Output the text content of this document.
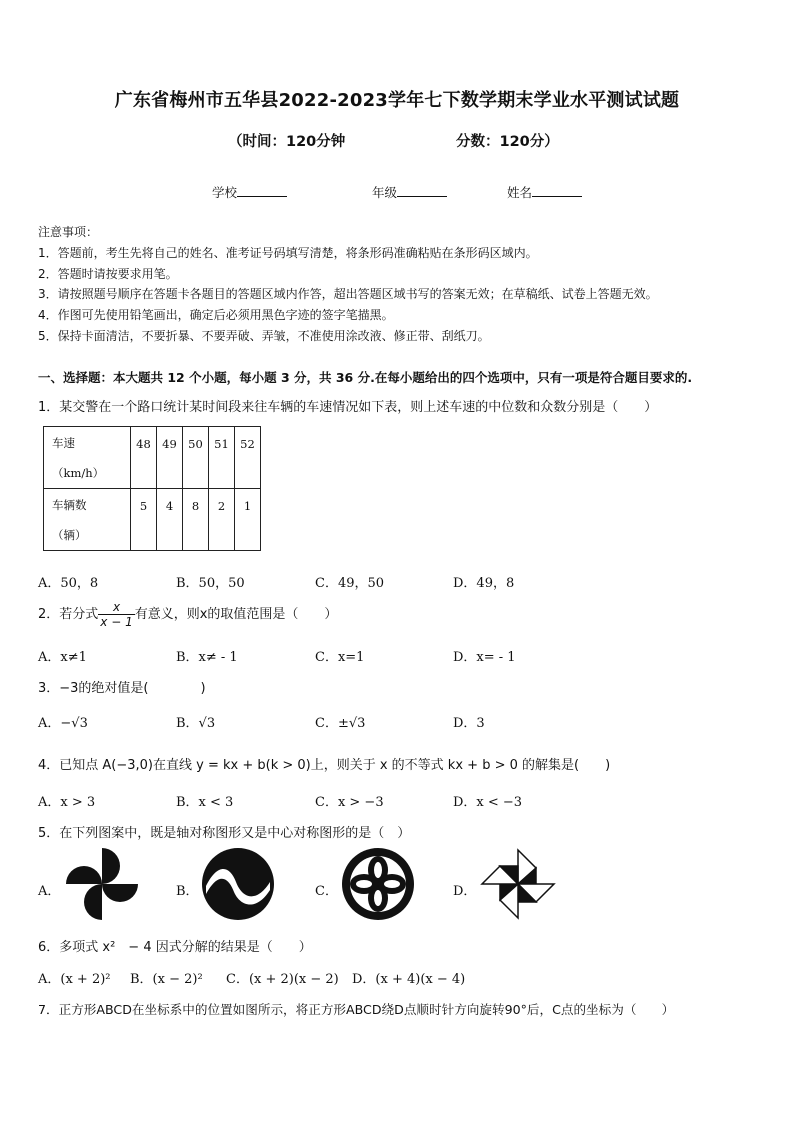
广东省梅州市五华县2022-2023学年七下数学期末学业水平测试试题
（时间：120分钟	分数：120分）
学校	年级	姓名
注意事项：
1．答题前，考生先将自己的姓名、准考证号码填写清楚，将条形码准确粘贴在条形码区域内。
2．答题时请按要求用笔。
3．请按照题号顺序在答题卡各题目的答题区域内作答，超出答题区域书写的答案无效；在草稿纸、试卷上答题无效。
4．作图可先使用铅笔画出，确定后必须用黑色字迹的签字笔描黑。
5．保持卡面清洁，不要折暴、不要弄破、弄皱，不准使用涂改液、修正带、刮纸刀。
一、选择题：本大题共 12 个小题，每小题 3 分，共 36 分.在每小题给出的四个选项中，只有一项是符合题目要求的.
1．某交警在一个路口统计某时间段来往车辆的车速情况如下表，则上述车速的中位数和众数分别是（　　）
车速
（km/h）	48	49	50	51	52

车辆数
（辆）	5	4	8	2	1
A．50，8	B．50，50	C．49，50	D．49，8
2．若分式 $\frac{x}{x - 1}$ 有意义，则x的取值范围是（　　）
A．x≠1	B．x≠ - 1	C．x=1	D．x= - 1
3．−3的绝对值是(　　　　)
A．−√3	B．√3	C．±√3	D．3
4．已知点 A(−3,0)在直线 y = kx + b(k > 0)上，则关于 x 的不等式 kx + b > 0 的解集是(　　)
A．x > 3	B．x < 3	C．x > −3	D．x < −3
5．在下列图案中，既是轴对称图形又是中心对称图形的是（　）
A．	B．	C．	D．
6．多项式 x²　− 4 因式分解的结果是（　　）
A．(x + 2)² B．(x − 2)² C．(x + 2)(x − 2) D．(x + 4)(x − 4)
7．正方形ABCD在坐标系中的位置如图所示，将正方形ABCD绕D点顺时针方向旋转90°后，C点的坐标为（　　）
